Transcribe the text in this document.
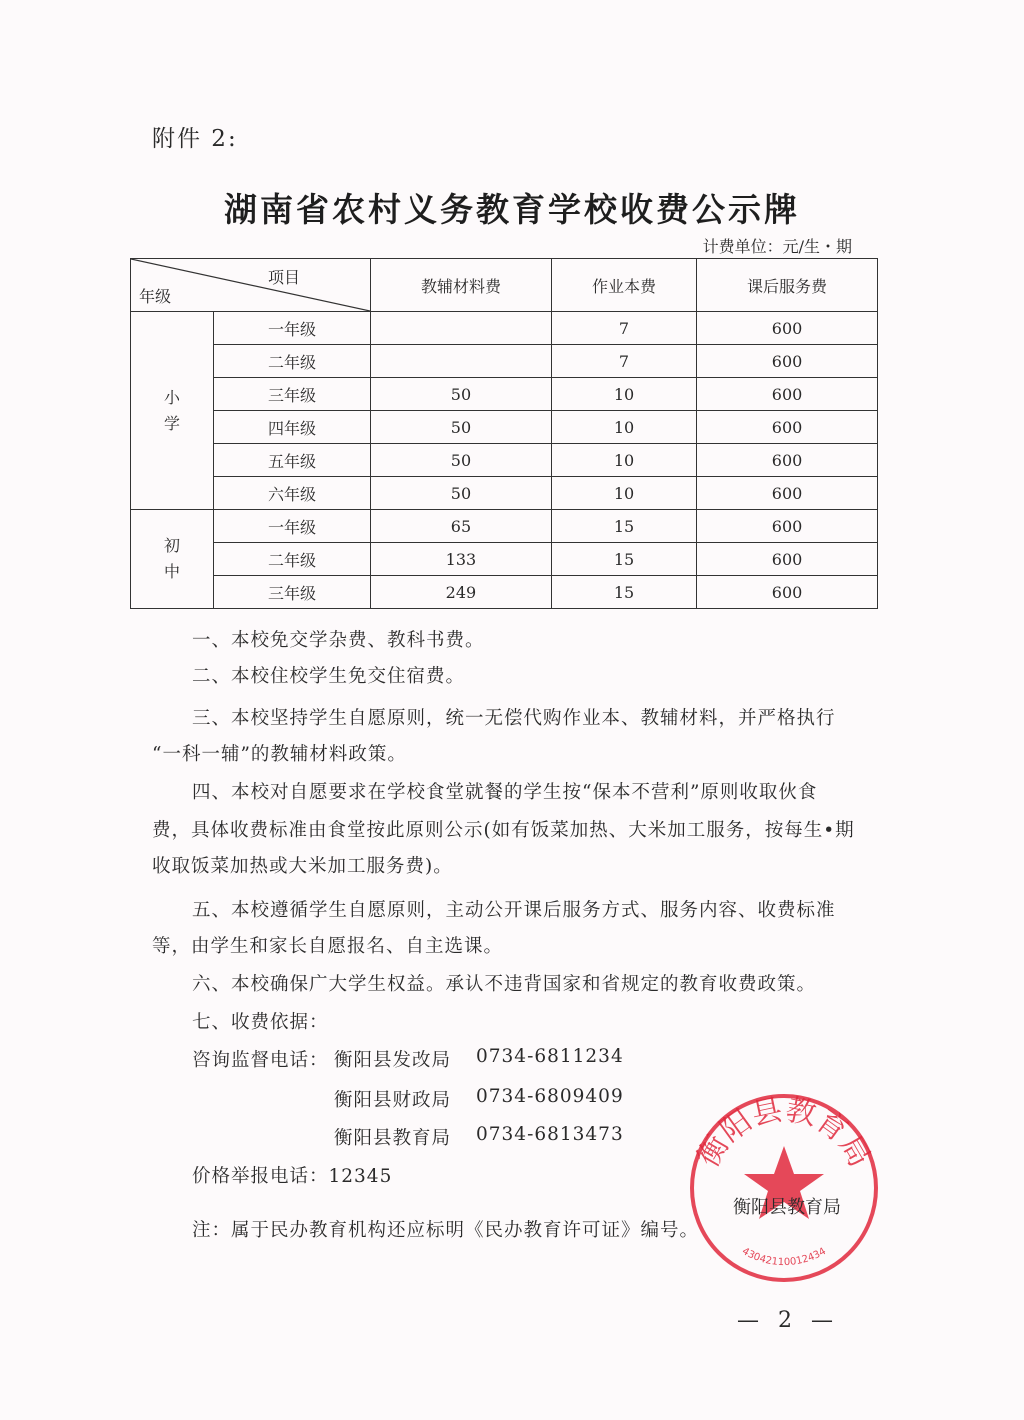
附件 2:
湖南省农村义务教育学校收费公示牌
计费单位：元/生・期
项目
年级		教辅材料费	作业本费	课后服务费
小学	一年级		7	600
	二年级		7	600
	三年级	50	10	600
	四年级	50	10	600
	五年级	50	10	600
	六年级	50	10	600
初中	一年级	65	15	600
	二年级	133	15	600
	三年级	249	15	600
一、本校免交学杂费、教科书费。
二、本校住校学生免交住宿费。
三、本校坚持学生自愿原则，统一无偿代购作业本、教辅材料，并严格执行
“一科一辅”的教辅材料政策。
四、本校对自愿要求在学校食堂就餐的学生按“保本不营利”原则收取伙食
费，具体收费标准由食堂按此原则公示(如有饭菜加热、大米加工服务，按每生•期
收取饭菜加热或大米加工服务费)。
五、本校遵循学生自愿原则，主动公开课后服务方式、服务内容、收费标准
等，由学生和家长自愿报名、自主选课。
六、本校确保广大学生权益。承认不违背国家和省规定的教育收费政策。
七、收费依据：
咨询监督电话： 衡阳县发改局 0734-6811234
衡阳县财政局 0734-6809409
衡阳县教育局 0734-6813473
价格举报电话：12345
注：属于民办教育机构还应标明《民办教育许可证》编号。
衡阳县教育局
4304211001243​4
衡阳县教育局
— 2 —
